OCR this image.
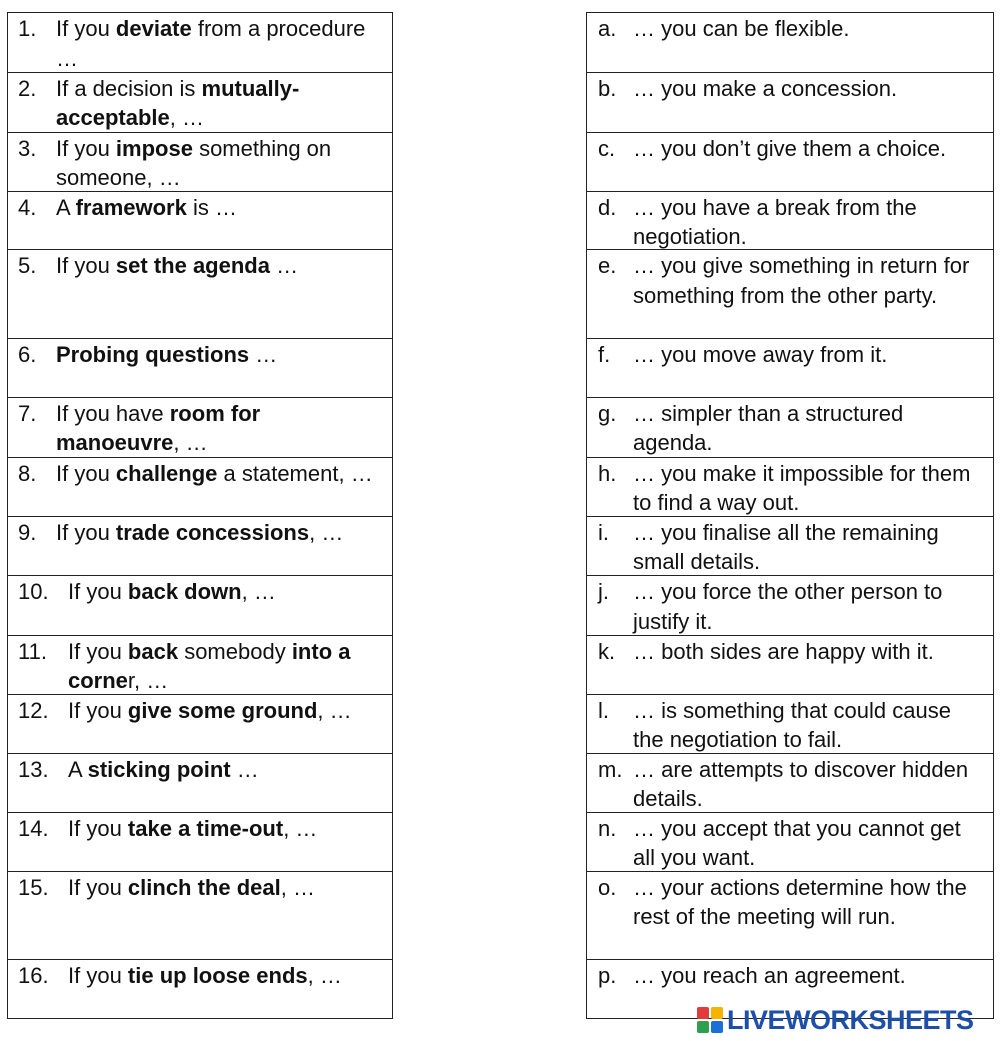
1. If you deviate from a procedure …
2. If a decision is mutually-acceptable, …
3. If you impose something on someone, …
4. A framework is …
5. If you set the agenda …
6. Probing questions …
7. If you have room for manoeuvre, …
8. If you challenge a statement, …
9. If you trade concessions, …
10. If you back down, …
11. If you back somebody into a corner, …
12. If you give some ground, …
13. A sticking point …
14. If you take a time-out, …
15. If you clinch the deal, …
16. If you tie up loose ends, …
a. … you can be flexible.
b. … you make a concession.
c. … you don’t give them a choice.
d. … you have a break from the negotiation.
e. … you give something in return for something from the other party.
f. … you move away from it.
g. … simpler than a structured agenda.
h. … you make it impossible for them to find a way out.
i. … you finalise all the remaining small details.
j. … you force the other person to justify it.
k. … both sides are happy with it.
l. … is something that could cause the negotiation to fail.
m. … are attempts to discover hidden details.
n. … you accept that you cannot get all you want.
o. … your actions determine how the rest of the meeting will run.
p. … you reach an agreement.
LIVEWORKSHEETS
